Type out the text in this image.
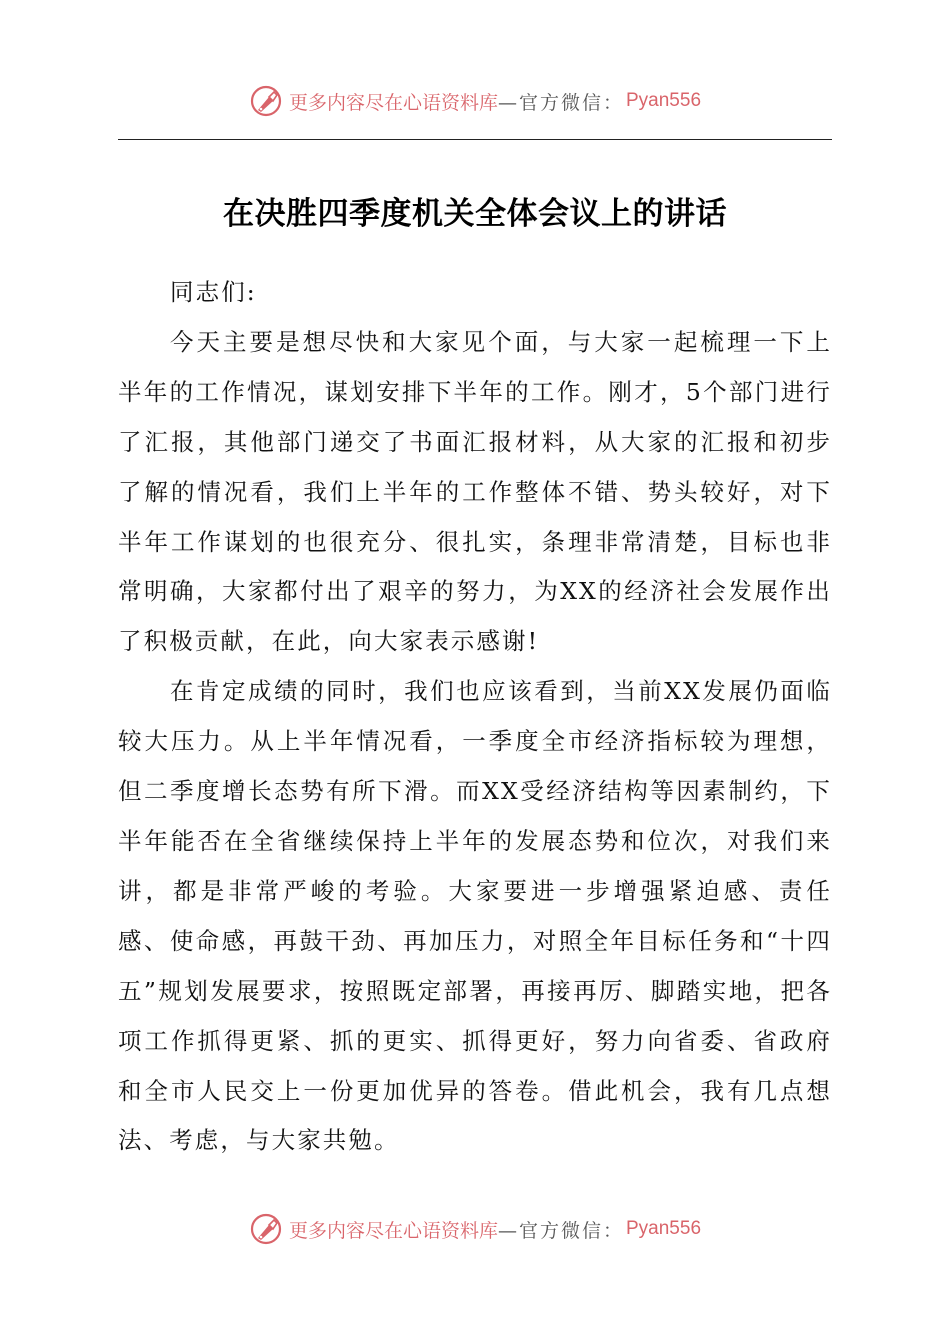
更多内容尽在心语资料库 —官方微信： Pyan556
在决胜四季度机关全体会议上的讲话

同志们:

今天主要是想尽快和大家见个面，与大家一起梳理一下上半年的工作情况，谋划安排下半年的工作。刚才，5个部门进行了汇报，其他部门递交了书面汇报材料，从大家的汇报和初步了解的情况看，我们上半年的工作整体不错、势头较好，对下半年工作谋划的也很充分、很扎实，条理非常清楚，目标也非常明确，大家都付出了艰辛的努力，为XX的经济社会发展作出了积极贡献，在此，向大家表示感谢!

在肯定成绩的同时，我们也应该看到，当前XX发展仍面临较大压力。从上半年情况看，一季度全市经济指标较为理想，但二季度增长态势有所下滑。而XX受经济结构等因素制约，下半年能否在全省继续保持上半年的发展态势和位次，对我们来讲，都是非常严峻的考验。大家要进一步增强紧迫感、责任感、使命感，再鼓干劲、再加压力，对照全年目标任务和“十四五”规划发展要求，按照既定部署，再接再厉、脚踏实地，把各项工作抓得更紧、抓的更实、抓得更好，努力向省委、省政府和全市人民交上一份更加优异的答卷。借此机会，我有几点想法、考虑，与大家共勉。

更多内容尽在心语资料库 —官方微信： Pyan556
